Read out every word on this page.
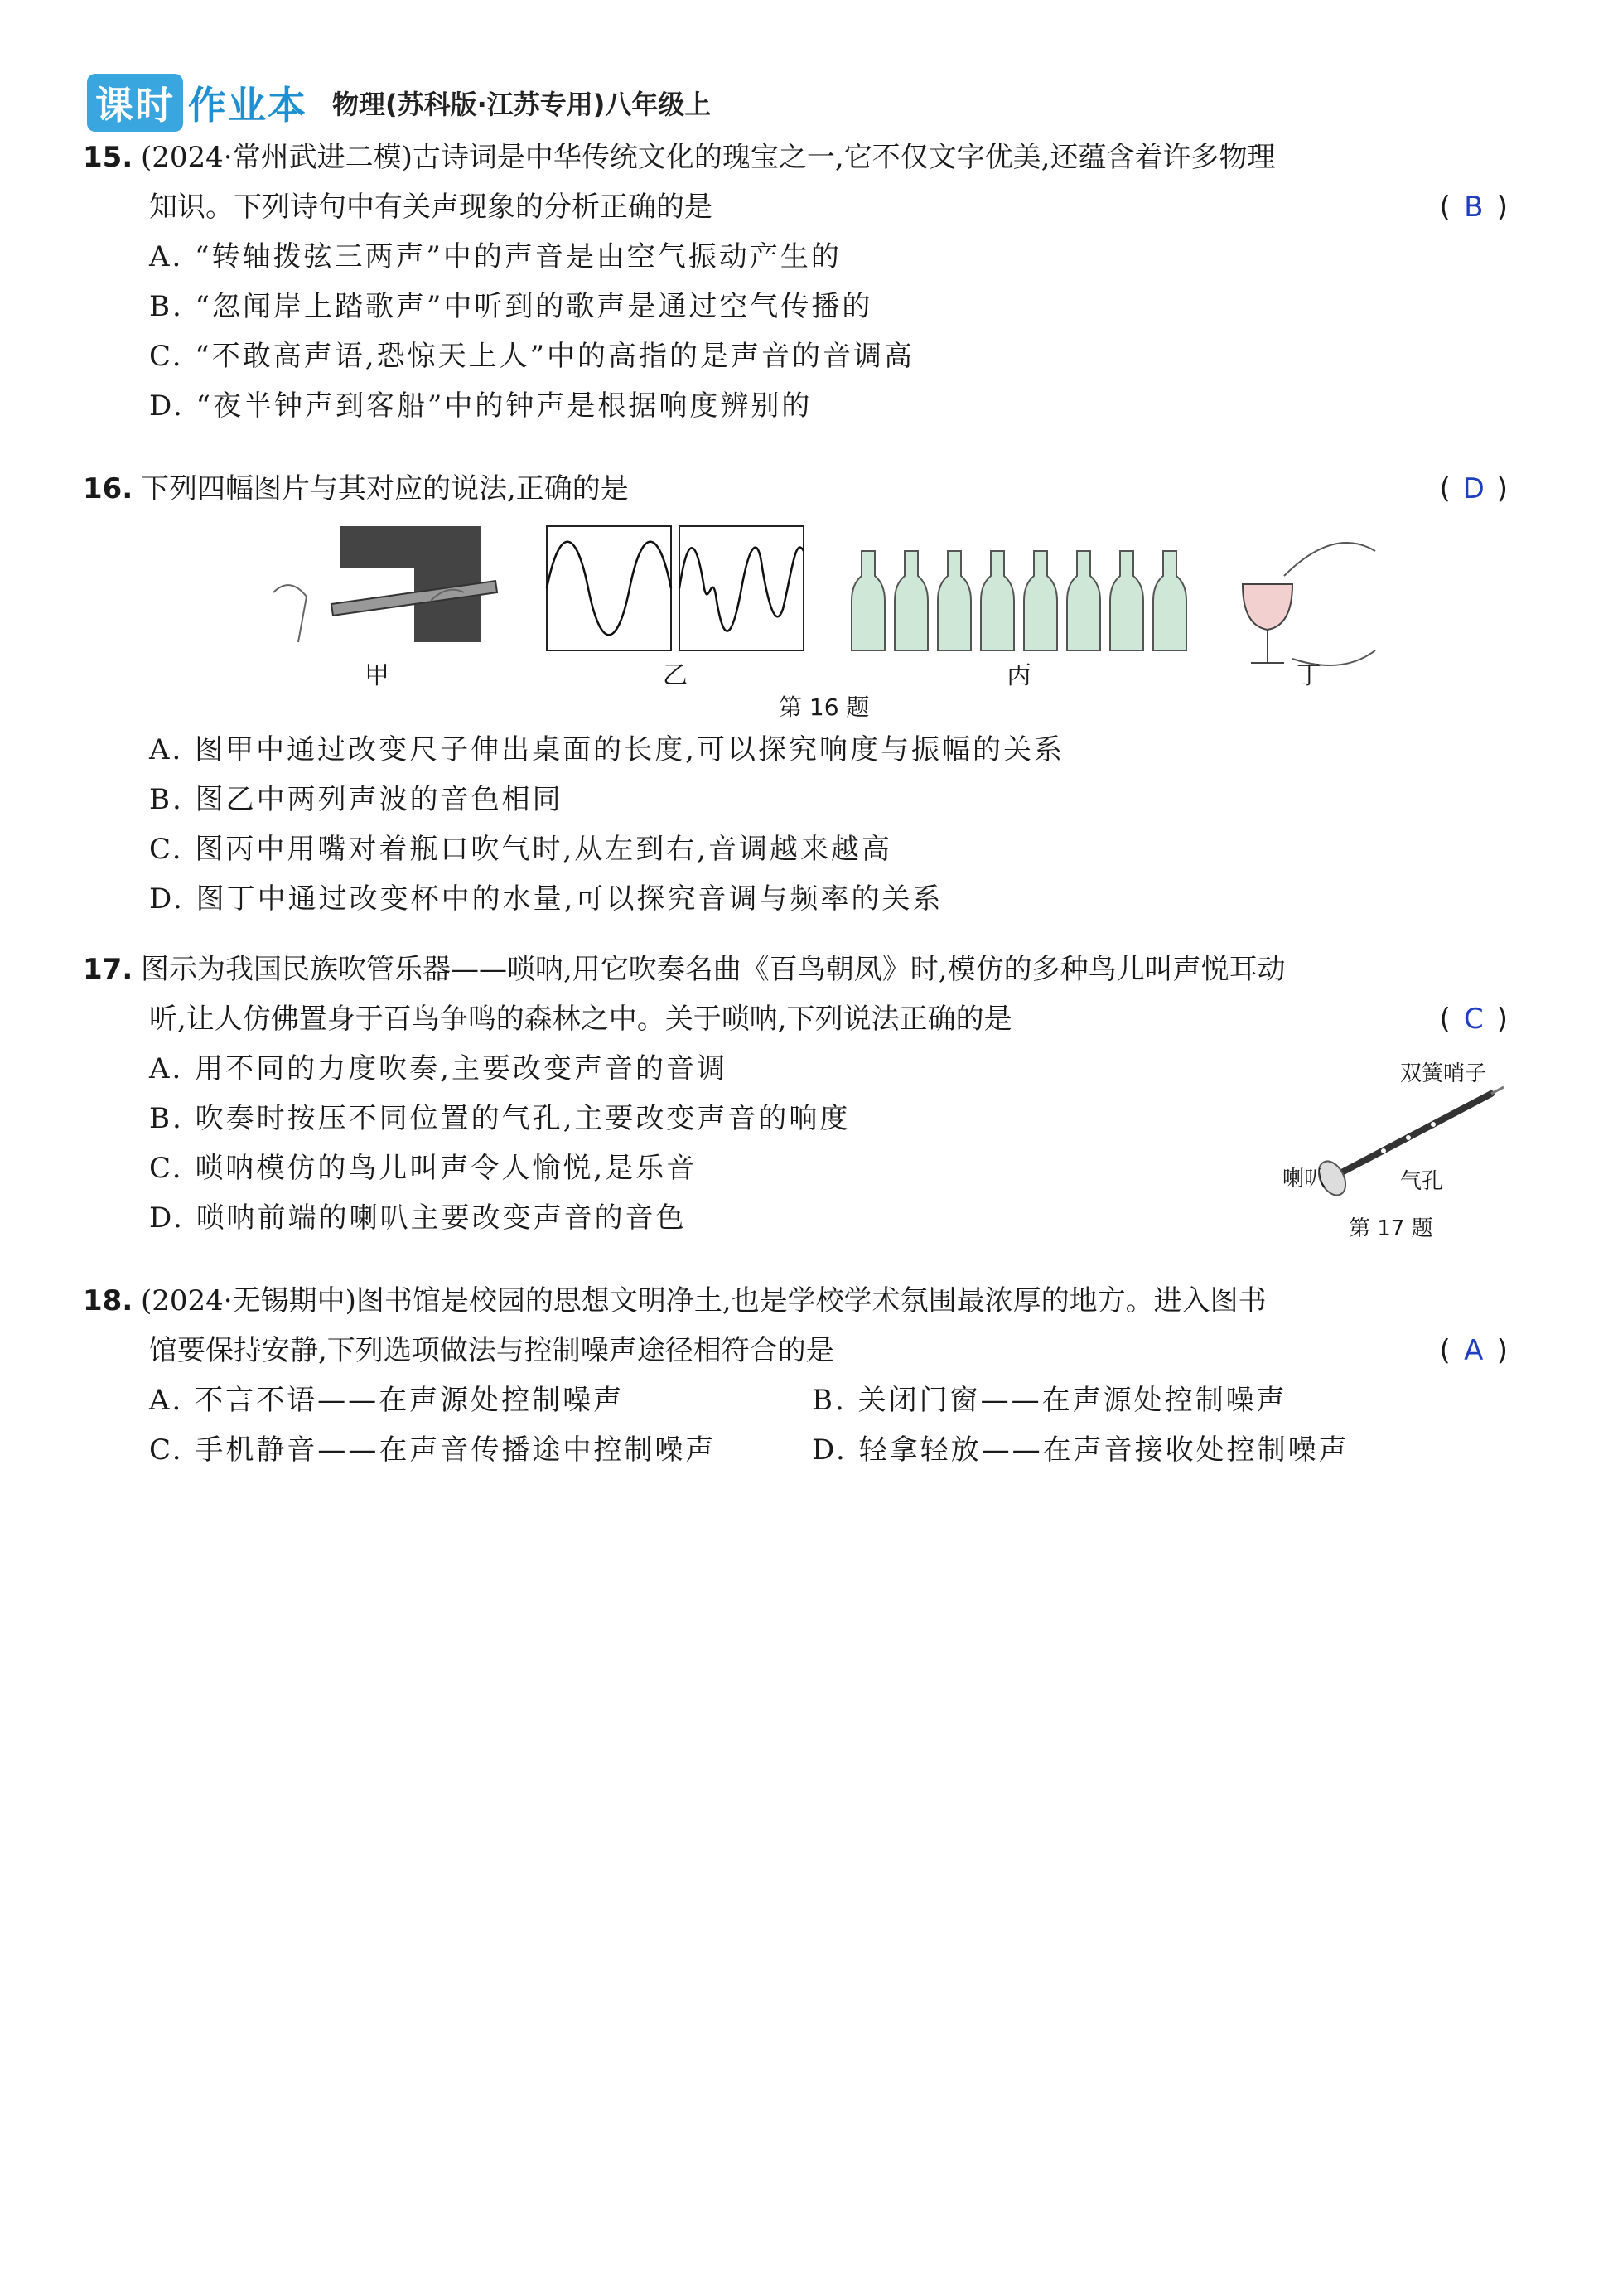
课时 作业本 物理(苏科版·江苏专用)八年级上
15. (2024·常州武进二模)古诗词是中华传统文化的瑰宝之一,它不仅文字优美,还蕴含着许多物理
知识。下列诗句中有关声现象的分析正确的是	( B )
A. “转轴拨弦三两声”中的声音是由空气振动产生的
B. “忽闻岸上踏歌声”中听到的歌声是通过空气传播的
C. “不敢高声语,恐惊天上人”中的高指的是声音的音调高
D. “夜半钟声到客船”中的钟声是根据响度辨别的
16. 下列四幅图片与其对应的说法,正确的是	( D )
甲	乙	丙	丁
第 16 题
A. 图甲中通过改变尺子伸出桌面的长度,可以探究响度与振幅的关系
B. 图乙中两列声波的音色相同
C. 图丙中用嘴对着瓶口吹气时,从左到右,音调越来越高
D. 图丁中通过改变杯中的水量,可以探究音调与频率的关系
17. 图示为我国民族吹管乐器——唢呐,用它吹奏名曲《百鸟朝凤》时,模仿的多种鸟儿叫声悦耳动
听,让人仿佛置身于百鸟争鸣的森林之中。关于唢呐,下列说法正确的是	( C )
A. 用不同的力度吹奏,主要改变声音的音调
B. 吹奏时按压不同位置的气孔,主要改变声音的响度
C. 唢呐模仿的鸟儿叫声令人愉悦,是乐音
D. 唢呐前端的喇叭主要改变声音的音色
双簧哨子
喇叭	气孔
第 17 题
18. (2024·无锡期中)图书馆是校园的思想文明净土,也是学校学术氛围最浓厚的地方。进入图书
馆要保持安静,下列选项做法与控制噪声途径相符合的是	( A )
A. 不言不语——在声源处控制噪声	B. 关闭门窗——在声源处控制噪声
C. 手机静音——在声音传播途中控制噪声	D. 轻拿轻放——在声音接收处控制噪声
